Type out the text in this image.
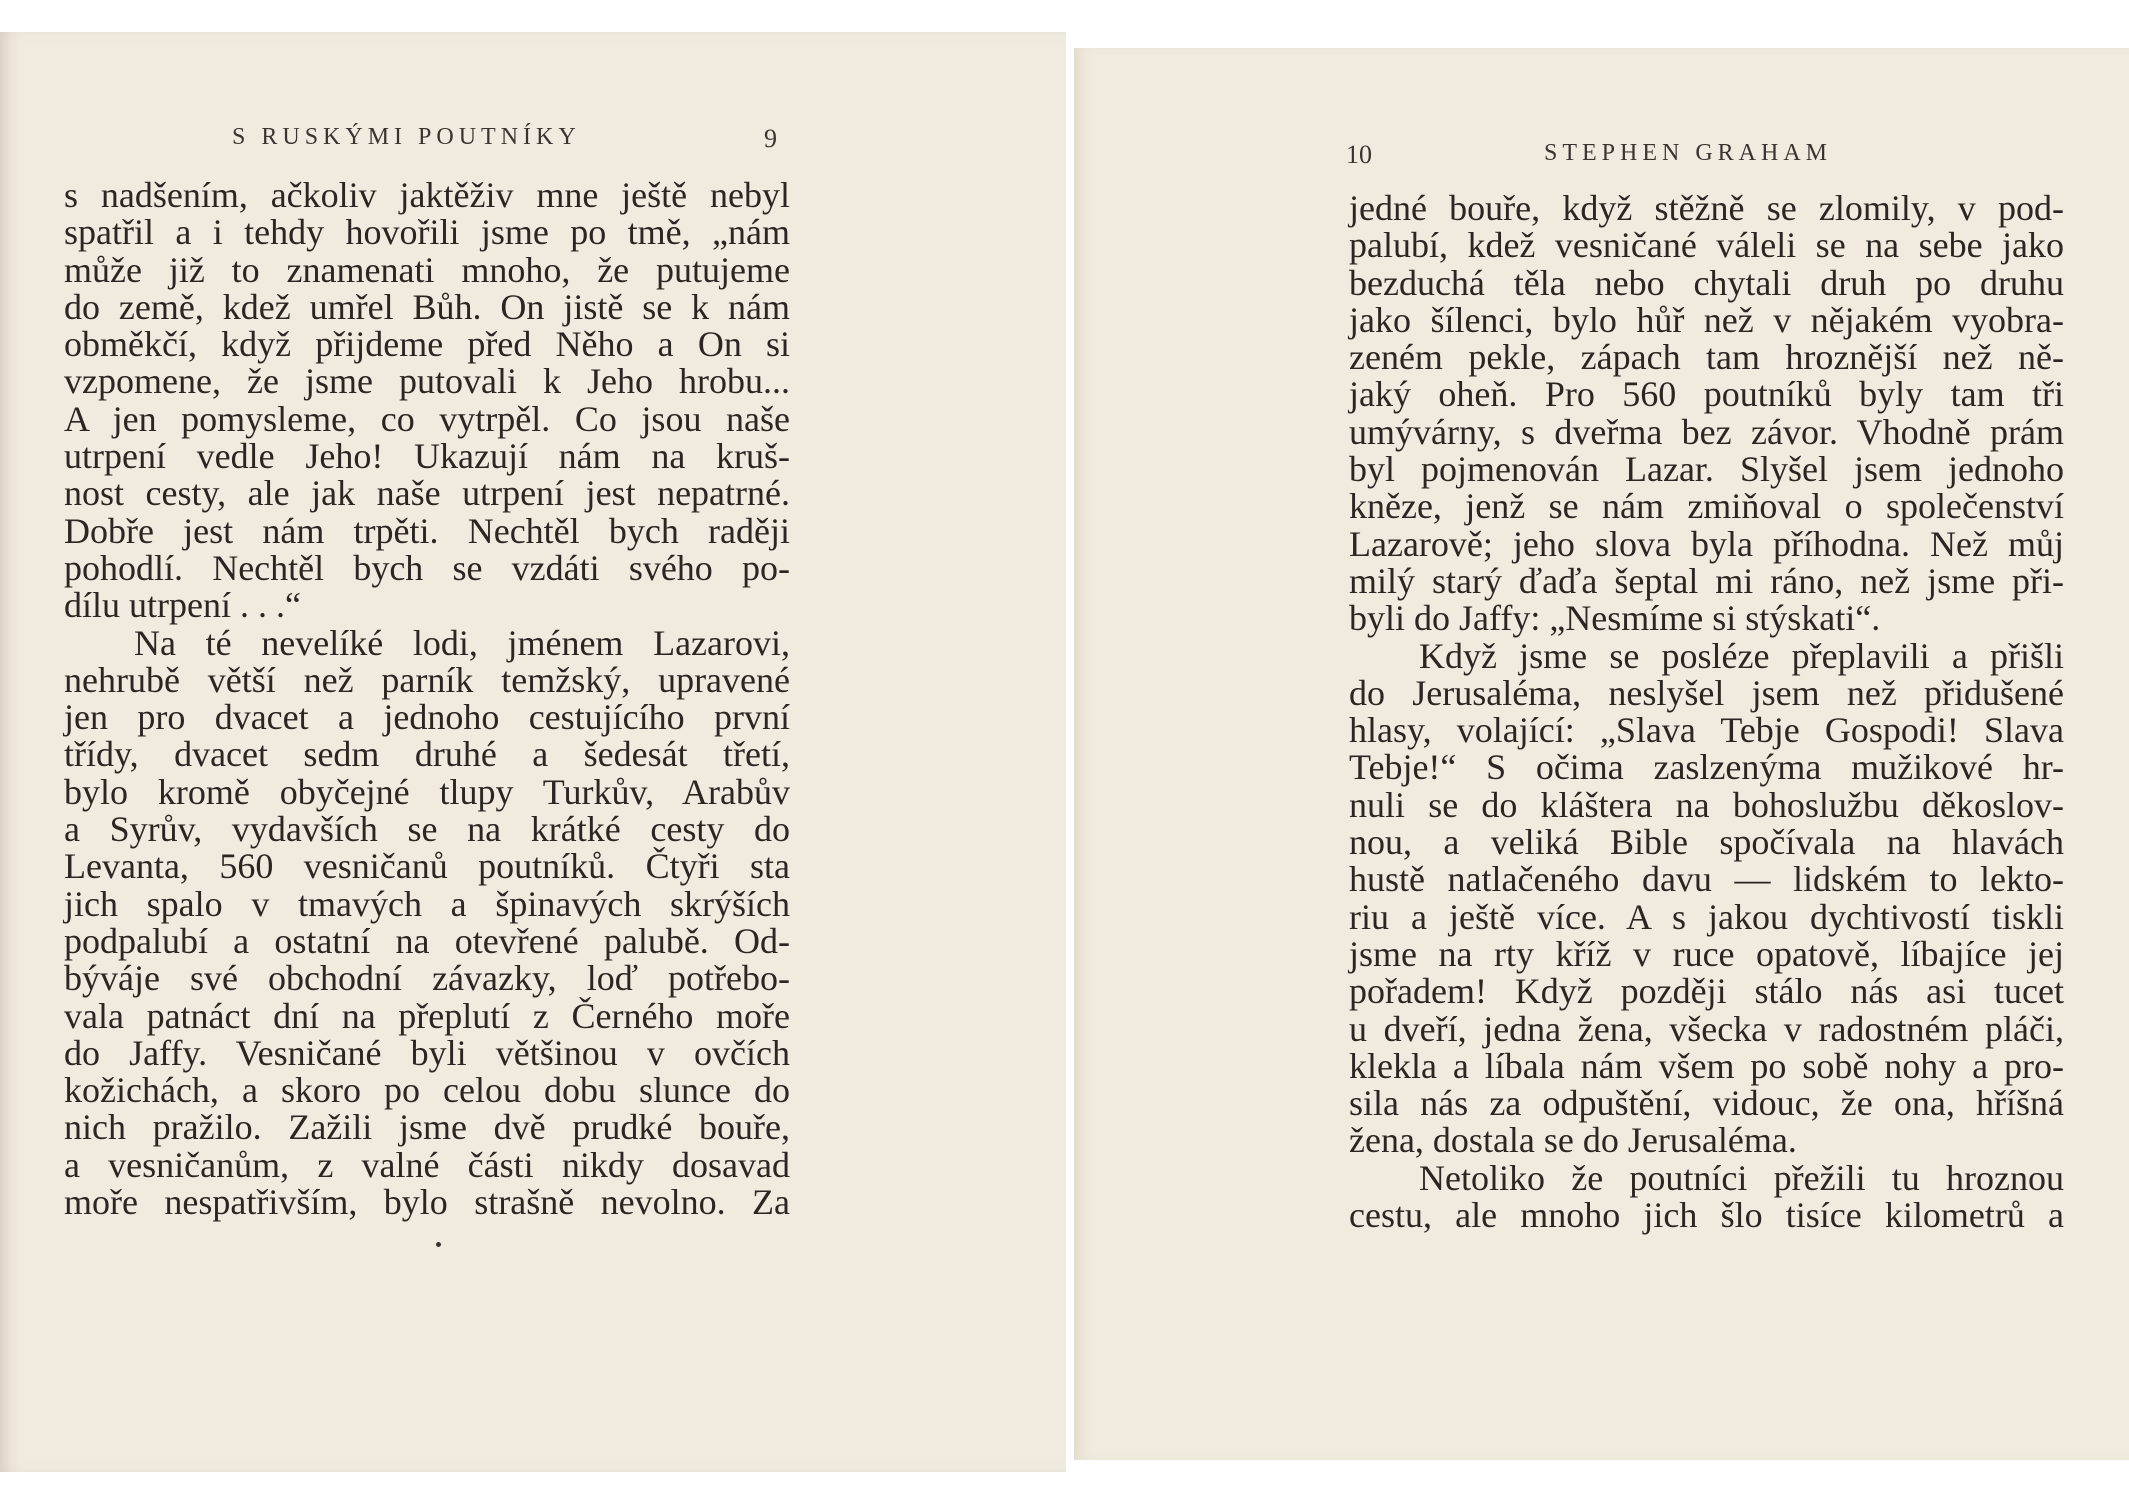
S RUSKÝMI POUTNÍKY	9
s nadšením, ačkoliv jaktěživ mne ještě nebyl
spatřil a i tehdy hovořili jsme po tmě, „nám
může již to znamenati mnoho, že putujeme
do země, kdež umřel Bůh. On jistě se k nám
obměkčí, když přijdeme před Něho a On si
vzpomene, že jsme putovali k Jeho hrobu...
A jen pomysleme, co vytrpěl. Co jsou naše
utrpení vedle Jeho! Ukazují nám na kruš-
nost cesty, ale jak naše utrpení jest nepatrné.
Dobře jest nám trpěti. Nechtěl bych raději
pohodlí. Nechtěl bych se vzdáti svého po-
dílu utrpení . . .“
Na té nevelíké lodi, jménem Lazarovi,
nehrubě větší než parník temžský, upravené
jen pro dvacet a jednoho cestujícího první
třídy, dvacet sedm druhé a šedesát třetí,
bylo kromě obyčejné tlupy Turkův, Arabův
a Syrův, vydavších se na krátké cesty do
Levanta, 560 vesničanů poutníků. Čtyři sta
jich spalo v tmavých a špinavých skrýších
podpalubí a ostatní na otevřené palubě. Od-
býváje své obchodní závazky, loď potřebo-
vala patnáct dní na přeplutí z Černého moře
do Jaffy. Vesničané byli většinou v ovčích
kožichách, a skoro po celou dobu slunce do
nich pražilo. Zažili jsme dvě prudké bouře,
a vesničanům, z valné části nikdy dosavad
moře nespatřivším, bylo strašně nevolno. Za
10	STEPHEN GRAHAM
jedné bouře, když stěžně se zlomily, v pod-
palubí, kdež vesničané váleli se na sebe jako
bezduchá těla nebo chytali druh po druhu
jako šílenci, bylo hůř než v nějakém vyobra-
zeném pekle, zápach tam hroznější než ně-
jaký oheň. Pro 560 poutníků byly tam tři
umývárny, s dveřma bez závor. Vhodně prám
byl pojmenován Lazar. Slyšel jsem jednoho
kněze, jenž se nám zmiňoval o společenství
Lazarově; jeho slova byla příhodna. Než můj
milý starý ďaďa šeptal mi ráno, než jsme při-
byli do Jaffy: „Nesmíme si stýskati“.
Když jsme se posléze přeplavili a přišli
do Jerusaléma, neslyšel jsem než přidušené
hlasy, volající: „Slava Tebje Gospodi! Slava
Tebje!“ S očima zaslzenýma mužikové hr-
nuli se do kláštera na bohoslužbu děkoslov-
nou, a veliká Bible spočívala na hlavách
hustě natlačeného davu — lidském to lekto-
riu a ještě více. A s jakou dychtivostí tiskli
jsme na rty kříž v ruce opatově, líbajíce jej
pořadem! Když později stálo nás asi tucet
u dveří, jedna žena, všecka v radostném pláči,
klekla a líbala nám všem po sobě nohy a pro-
sila nás za odpuštění, vidouc, že ona, hříšná
žena, dostala se do Jerusaléma.
Netoliko že poutníci přežili tu hroznou
cestu, ale mnoho jich šlo tisíce kilometrů a
